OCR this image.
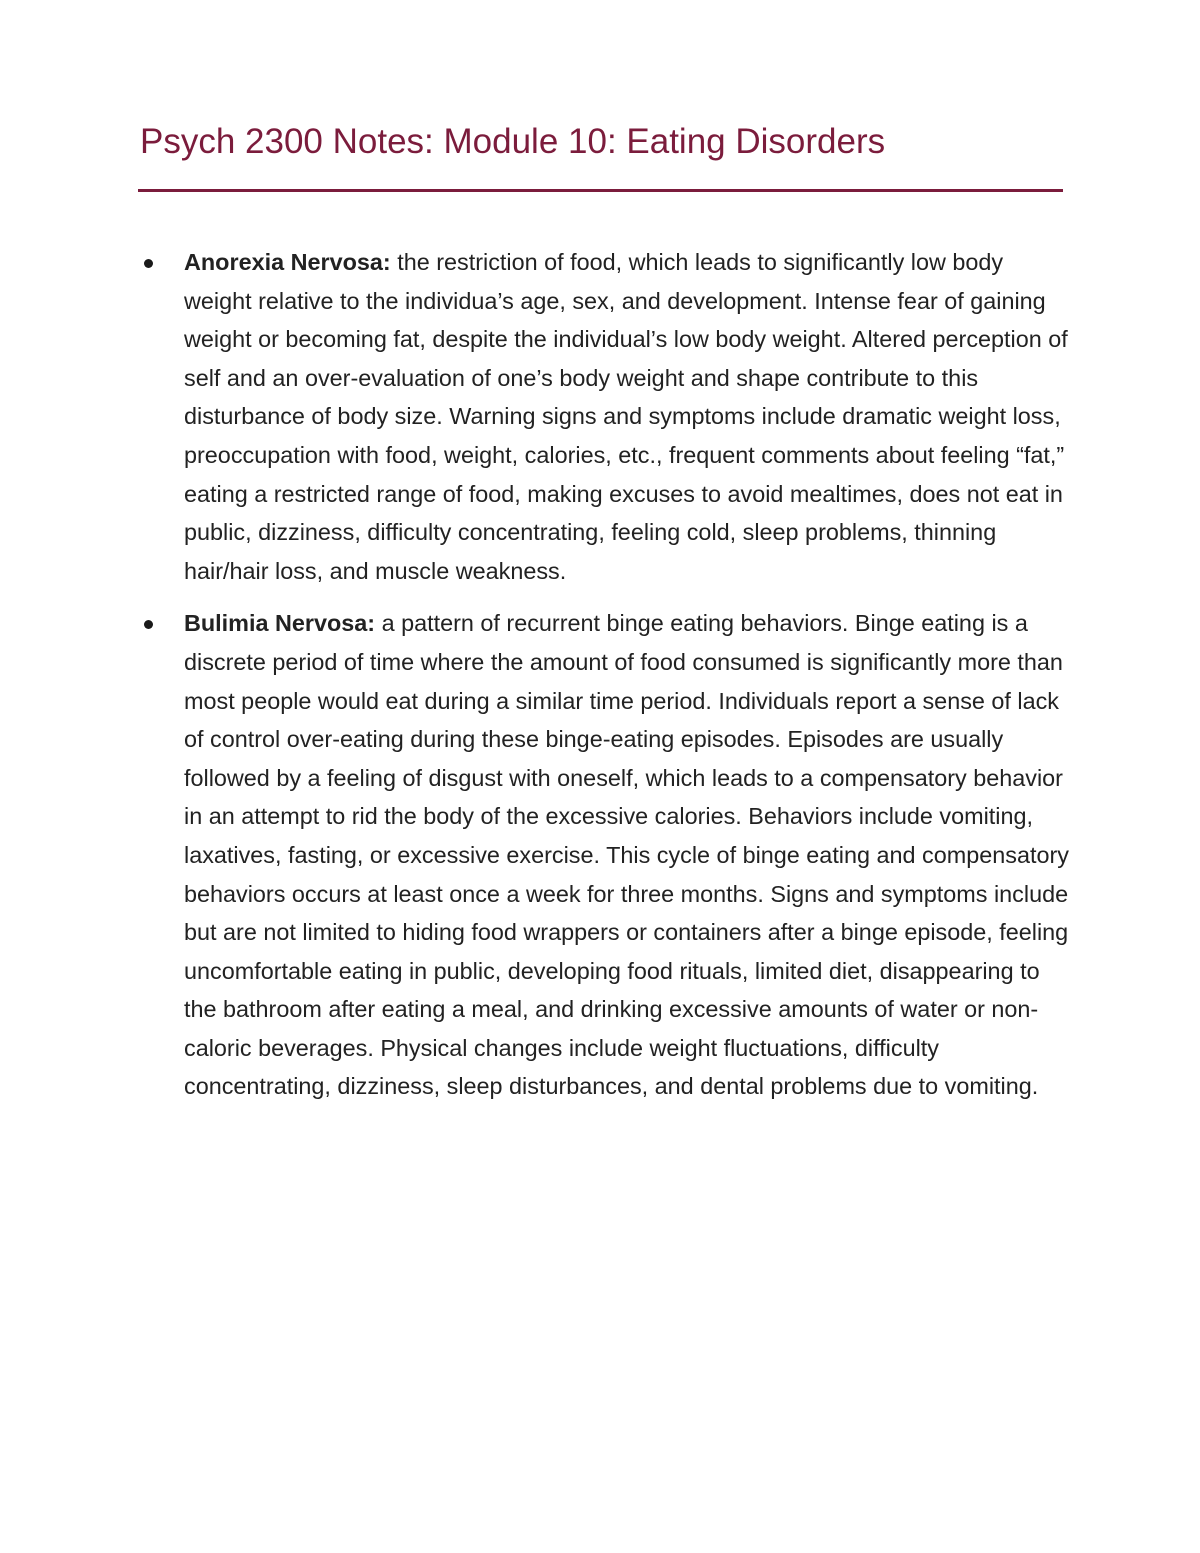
Psych 2300 Notes: Module 10: Eating Disorders
Anorexia Nervosa: the restriction of food, which leads to significantly low body weight relative to the individua’s age, sex, and development. Intense fear of gaining weight or becoming fat, despite the individual’s low body weight. Altered perception of self and an over-evaluation of one’s body weight and shape contribute to this disturbance of body size. Warning signs and symptoms include dramatic weight loss, preoccupation with food, weight, calories, etc., frequent comments about feeling “fat,” eating a restricted range of food, making excuses to avoid mealtimes, does not eat in public, dizziness, difficulty concentrating, feeling cold, sleep problems, thinning hair/hair loss, and muscle weakness.
Bulimia Nervosa: a pattern of recurrent binge eating behaviors. Binge eating is a discrete period of time where the amount of food consumed is significantly more than most people would eat during a similar time period. Individuals report a sense of lack of control over-eating during these binge-eating episodes. Episodes are usually followed by a feeling of disgust with oneself, which leads to a compensatory behavior in an attempt to rid the body of the excessive calories. Behaviors include vomiting, laxatives, fasting, or excessive exercise. This cycle of binge eating and compensatory behaviors occurs at least once a week for three months. Signs and symptoms include but are not limited to hiding food wrappers or containers after a binge episode, feeling uncomfortable eating in public, developing food rituals, limited diet, disappearing to the bathroom after eating a meal, and drinking excessive amounts of water or non-caloric beverages. Physical changes include weight fluctuations, difficulty concentrating, dizziness, sleep disturbances, and dental problems due to vomiting.
